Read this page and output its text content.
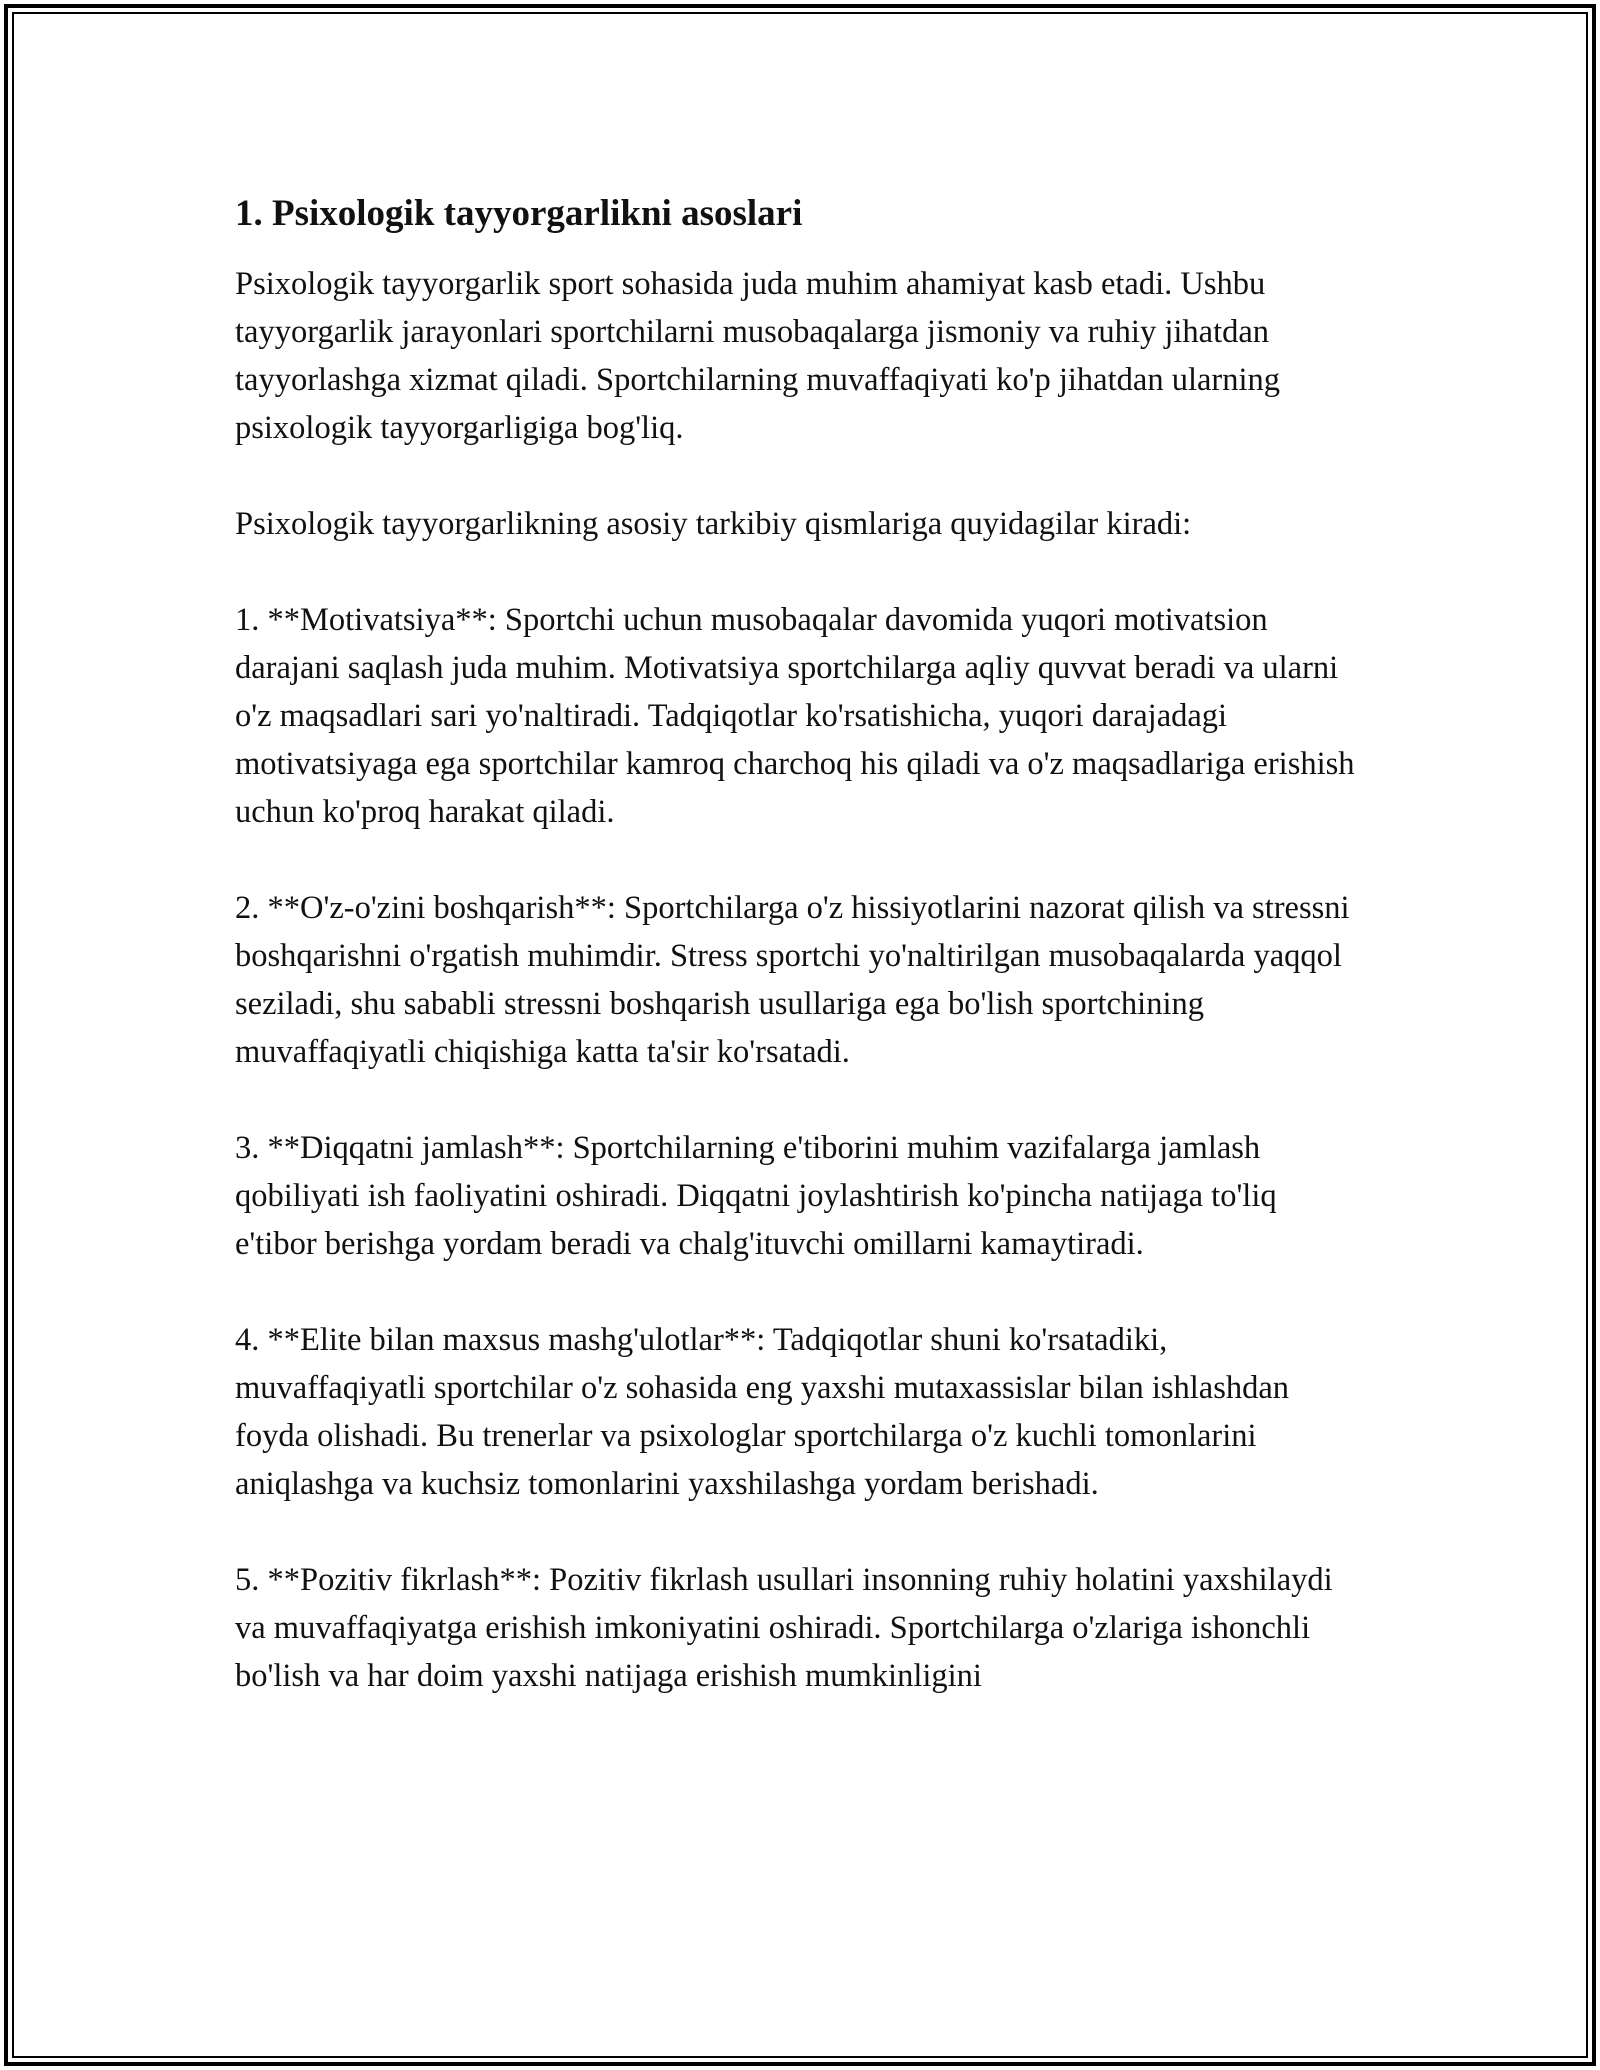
1. Psixologik tayyorgarlikni asoslari

Psixologik tayyorgarlik sport sohasida juda muhim ahamiyat kasb etadi. Ushbu tayyorgarlik jarayonlari sportchilarni musobaqalarga jismoniy va ruhiy jihatdan tayyorlashga xizmat qiladi. Sportchilarning muvaffaqiyati ko'p jihatdan ularning psixologik tayyorgarligiga bog'liq.

Psixologik tayyorgarlikning asosiy tarkibiy qismlariga quyidagilar kiradi:

1. **Motivatsiya**: Sportchi uchun musobaqalar davomida yuqori motivatsion darajani saqlash juda muhim. Motivatsiya sportchilarga aqliy quvvat beradi va ularni o'z maqsadlari sari yo'naltiradi. Tadqiqotlar ko'rsatishicha, yuqori darajadagi motivatsiyaga ega sportchilar kamroq charchoq his qiladi va o'z maqsadlariga erishish uchun ko'proq harakat qiladi.

2. **O'z-o'zini boshqarish**: Sportchilarga o'z hissiyotlarini nazorat qilish va stressni boshqarishni o'rgatish muhimdir. Stress sportchi yo'naltirilgan musobaqalarda yaqqol seziladi, shu sababli stressni boshqarish usullariga ega bo'lish sportchining muvaffaqiyatli chiqishiga katta ta'sir ko'rsatadi.

3. **Diqqatni jamlash**: Sportchilarning e'tiborini muhim vazifalarga jamlash qobiliyati ish faoliyatini oshiradi. Diqqatni joylashtirish ko'pincha natijaga to'liq e'tibor berishga yordam beradi va chalg'ituvchi omillarni kamaytiradi.

4. **Elite bilan maxsus mashg'ulotlar**: Tadqiqotlar shuni ko'rsatadiki, muvaffaqiyatli sportchilar o'z sohasida eng yaxshi mutaxassislar bilan ishlashdan foyda olishadi. Bu trenerlar va psixologlar sportchilarga o'z kuchli tomonlarini aniqlashga va kuchsiz tomonlarini yaxshilashga yordam berishadi.

5. **Pozitiv fikrlash**: Pozitiv fikrlash usullari insonning ruhiy holatini yaxshilaydi va muvaffaqiyatga erishish imkoniyatini oshiradi. Sportchilarga o'zlariga ishonchli bo'lish va har doim yaxshi natijaga erishish mumkinligini
